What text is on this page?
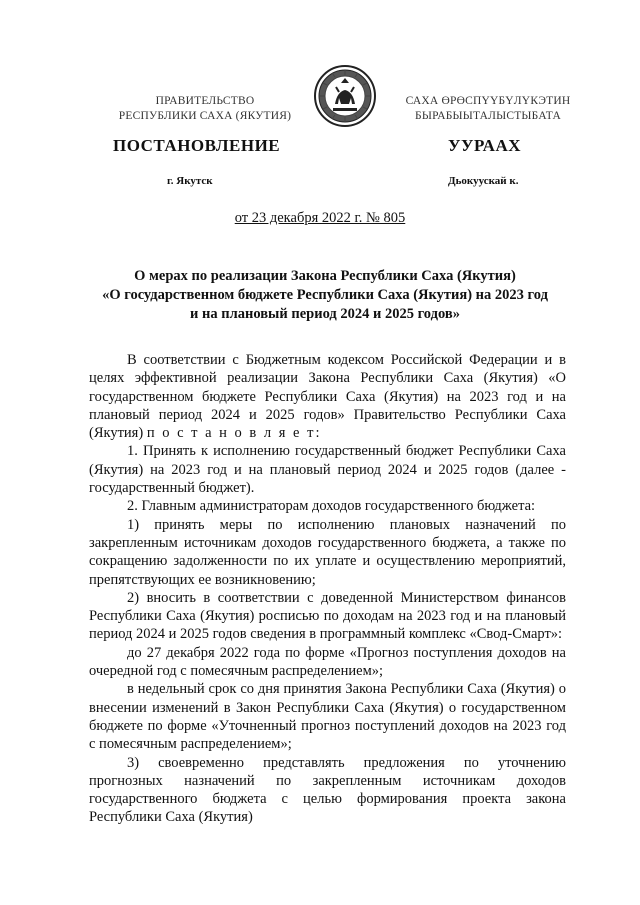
ПРАВИТЕЛЬСТВО
РЕСПУБЛИКИ САХА (ЯКУТИЯ)
САХА ӨРӨСПҮҮБҮЛҮКЭТИН
БЫРАБЫЫТАЛЫСТЫБАТА
ПОСТАНОВЛЕНИЕ	УУРААХ
г. Якутск	Дьокуускай к.
от 23 декабря 2022 г. № 805
О мерах по реализации Закона Республики Саха (Якутия)
«О государственном бюджете Республики Саха (Якутия) на 2023 год
и на плановый период 2024 и 2025 годов»

В соответствии с Бюджетным кодексом Российской Федерации и в целях эффективной реализации Закона Республики Саха (Якутия) «О государственном бюджете Республики Саха (Якутия) на 2023 год и на плановый период 2024 и 2025 годов» Правительство Республики Саха (Якутия) п о с т а н о в л я е т:

1. Принять к исполнению государственный бюджет Республики Саха (Якутия) на 2023 год и на плановый период 2024 и 2025 годов (далее - государственный бюджет).

2. Главным администраторам доходов государственного бюджета:

1) принять меры по исполнению плановых назначений по закрепленным источникам доходов государственного бюджета, а также по сокращению задолженности по их уплате и осуществлению мероприятий, препятствующих ее возникновению;

2) вносить в соответствии с доведенной Министерством финансов Республики Саха (Якутия) росписью по доходам на 2023 год и на плановый период 2024 и 2025 годов сведения в программный комплекс «Свод-Смарт»:

до 27 декабря 2022 года по форме «Прогноз поступления доходов на очередной год с помесячным распределением»;

в недельный срок со дня принятия Закона Республики Саха (Якутия) о внесении изменений в Закон Республики Саха (Якутия) о государственном бюджете по форме «Уточненный прогноз поступлений доходов на 2023 год с помесячным распределением»;

3) своевременно представлять предложения по уточнению прогнозных назначений по закрепленным источникам доходов государственного бюджета с целью формирования проекта закона Республики Саха (Якутия)
